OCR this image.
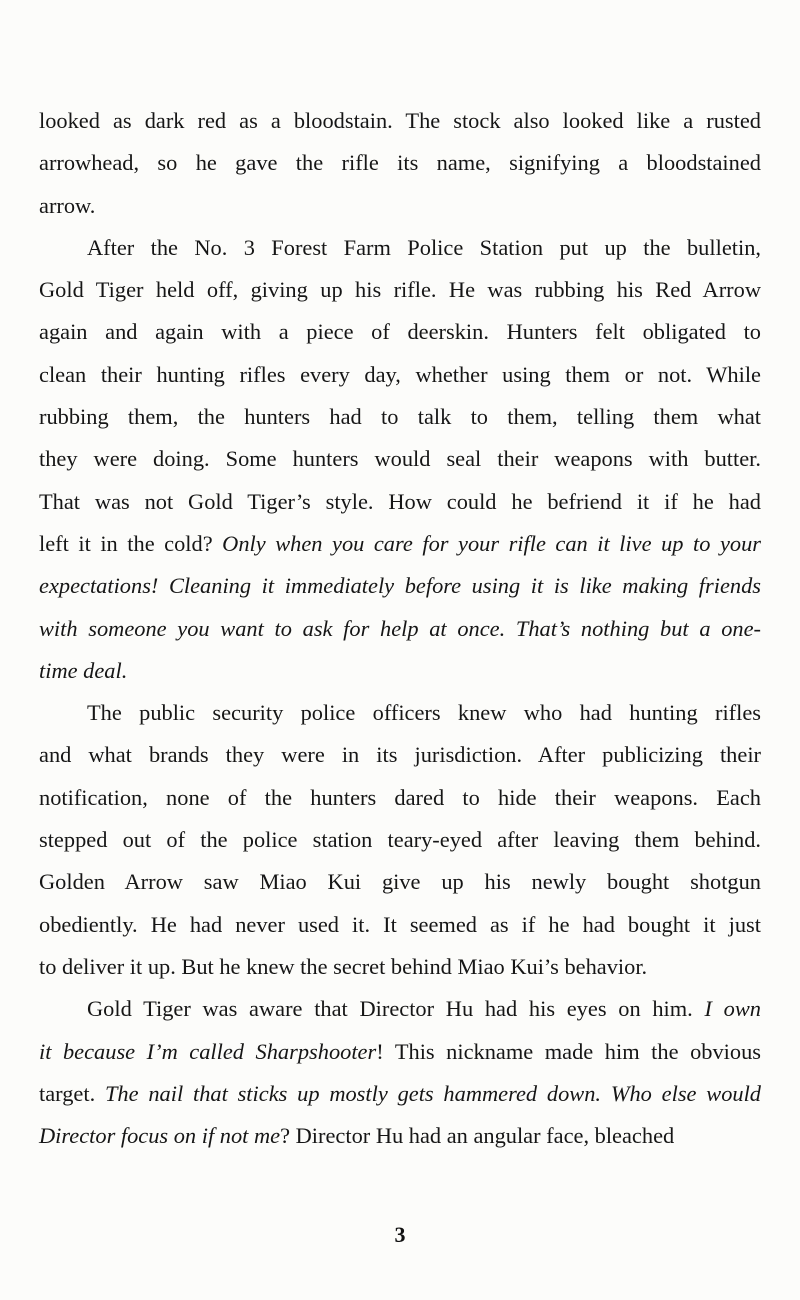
looked as dark red as a bloodstain. The stock also looked like a rusted
arrowhead, so he gave the rifle its name, signifying a bloodstained
arrow.
After the No. 3 Forest Farm Police Station put up the bulletin,
Gold Tiger held off, giving up his rifle. He was rubbing his Red Arrow
again and again with a piece of deerskin. Hunters felt obligated to
clean their hunting rifles every day, whether using them or not. While
rubbing them, the hunters had to talk to them, telling them what
they were doing. Some hunters would seal their weapons with butter.
That was not Gold Tiger’s style. How could he befriend it if he had
left it in the cold? Only when you care for your rifle can it live up to your
expectations! Cleaning it immediately before using it is like making friends
with someone you want to ask for help at once. That’s nothing but a one-
time deal.
The public security police officers knew who had hunting rifles
and what brands they were in its jurisdiction. After publicizing their
notification, none of the hunters dared to hide their weapons. Each
stepped out of the police station teary-eyed after leaving them behind.
Golden Arrow saw Miao Kui give up his newly bought shotgun
obediently. He had never used it. It seemed as if he had bought it just
to deliver it up. But he knew the secret behind Miao Kui’s behavior.
Gold Tiger was aware that Director Hu had his eyes on him. I own
it because I’m called Sharpshooter! This nickname made him the obvious
target. The nail that sticks up mostly gets hammered down. Who else would
Director focus on if not me? Director Hu had an angular face, bleached
3
